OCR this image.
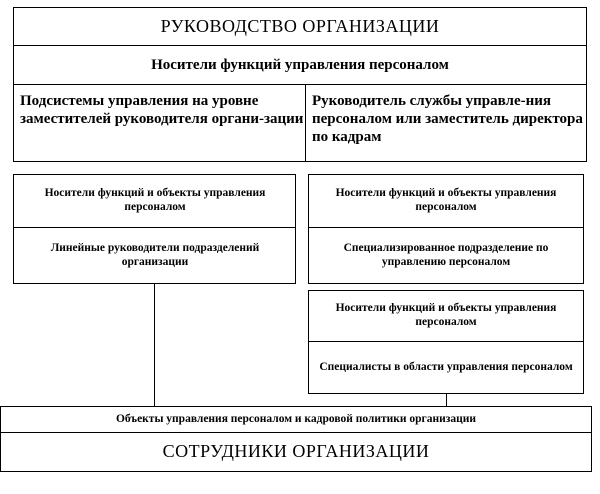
РУКОВОДСТВО ОРГАНИЗАЦИИ
Носители функций управления персоналом
Подсистемы управления на уровне заместителей руководителя органи-зации
Руководитель службы управле-ния персоналом или заместитель директора по кадрам
Носители функций и объекты управления персоналом
Линейные руководители подразделений организации
Носители функций и объекты управления персоналом
Специализированное подразделение по управлению персоналом
Носители функций и объекты управления персоналом
Специалисты в области управления персоналом
Объекты управления персоналом и кадровой политики организации
СОТРУДНИКИ ОРГАНИЗАЦИИ
